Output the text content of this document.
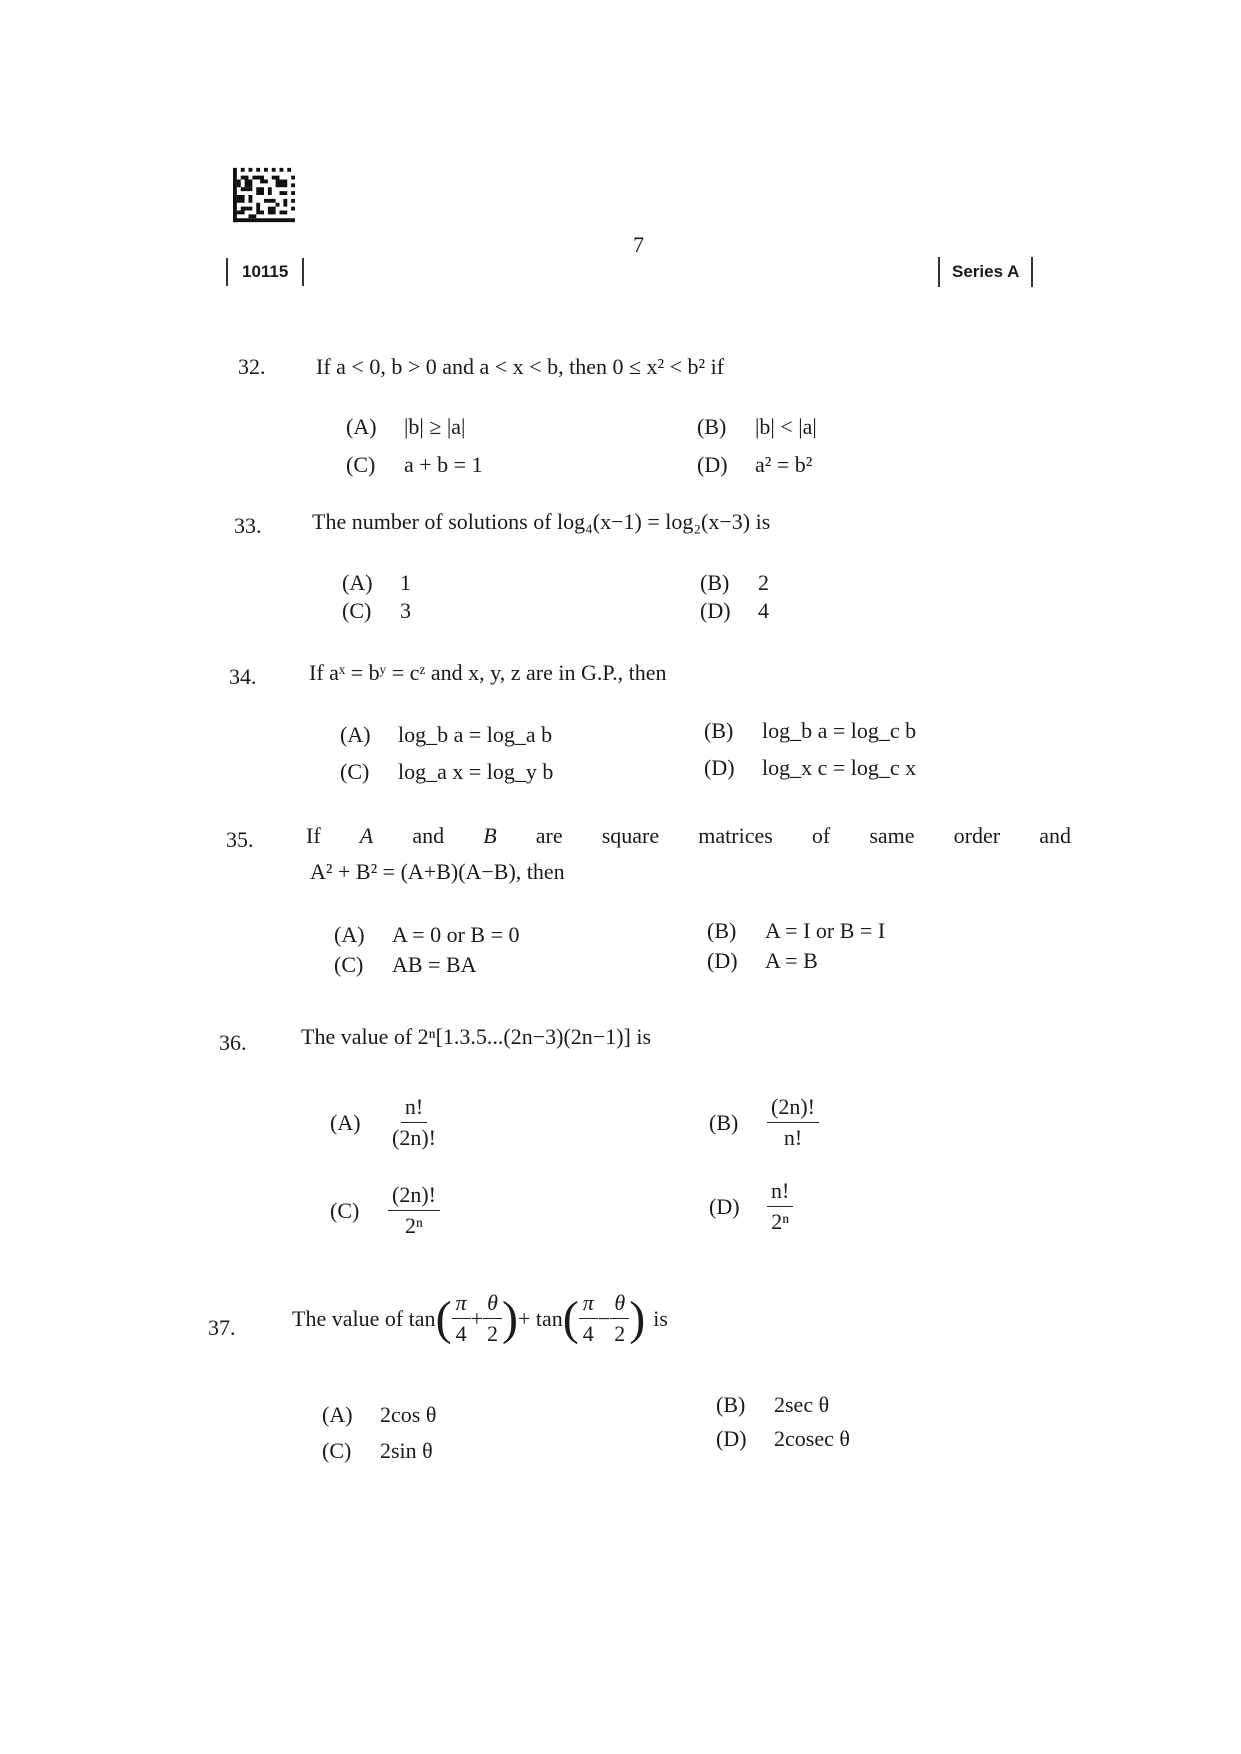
7
10115	Series A
32. If a < 0, b > 0 and a < x < b, then 0 ≤ x² < b² if
(A) |b| ≥ |a|	(B) |b| < |a|
(C) a + b = 1	(D) a² = b²
33. The number of solutions of log₄(x−1) = log₂(x−3) is
(A) 1	(B) 2
(C) 3	(D) 4
34. If aˣ = bʸ = cᶻ and x, y, z are in G.P., then
(A) log_b a = log_a b	(B) log_b a = log_c b
(C) log_a x = log_y b	(D) log_x c = log_c x
35. If A and B are square matrices of same order and
A² + B² = (A+B)(A−B), then
(A) A = 0 or B = 0	(B) A = I or B = I
(C) AB = BA	(D) A = B
36. The value of 2ⁿ[1.3.5...(2n−3)(2n−1)] is
(A)	$\frac{n!}{(2n)!}$	(B)	$\frac{(2n)!}{n!}$
(C)	$\frac{(2n)!}{\text{2ⁿ}}$	(D)	$\frac{n!}{\text{2ⁿ}}$
37.	The value of tan ( $\frac{\pi}{4} + \frac{\theta}{2}$ ) + tan ( $\frac{\pi}{4} - \frac{\theta}{2}$ ) is
(A) 2cos θ	(B) 2sec θ
(C) 2sin θ	(D) 2cosec θ
